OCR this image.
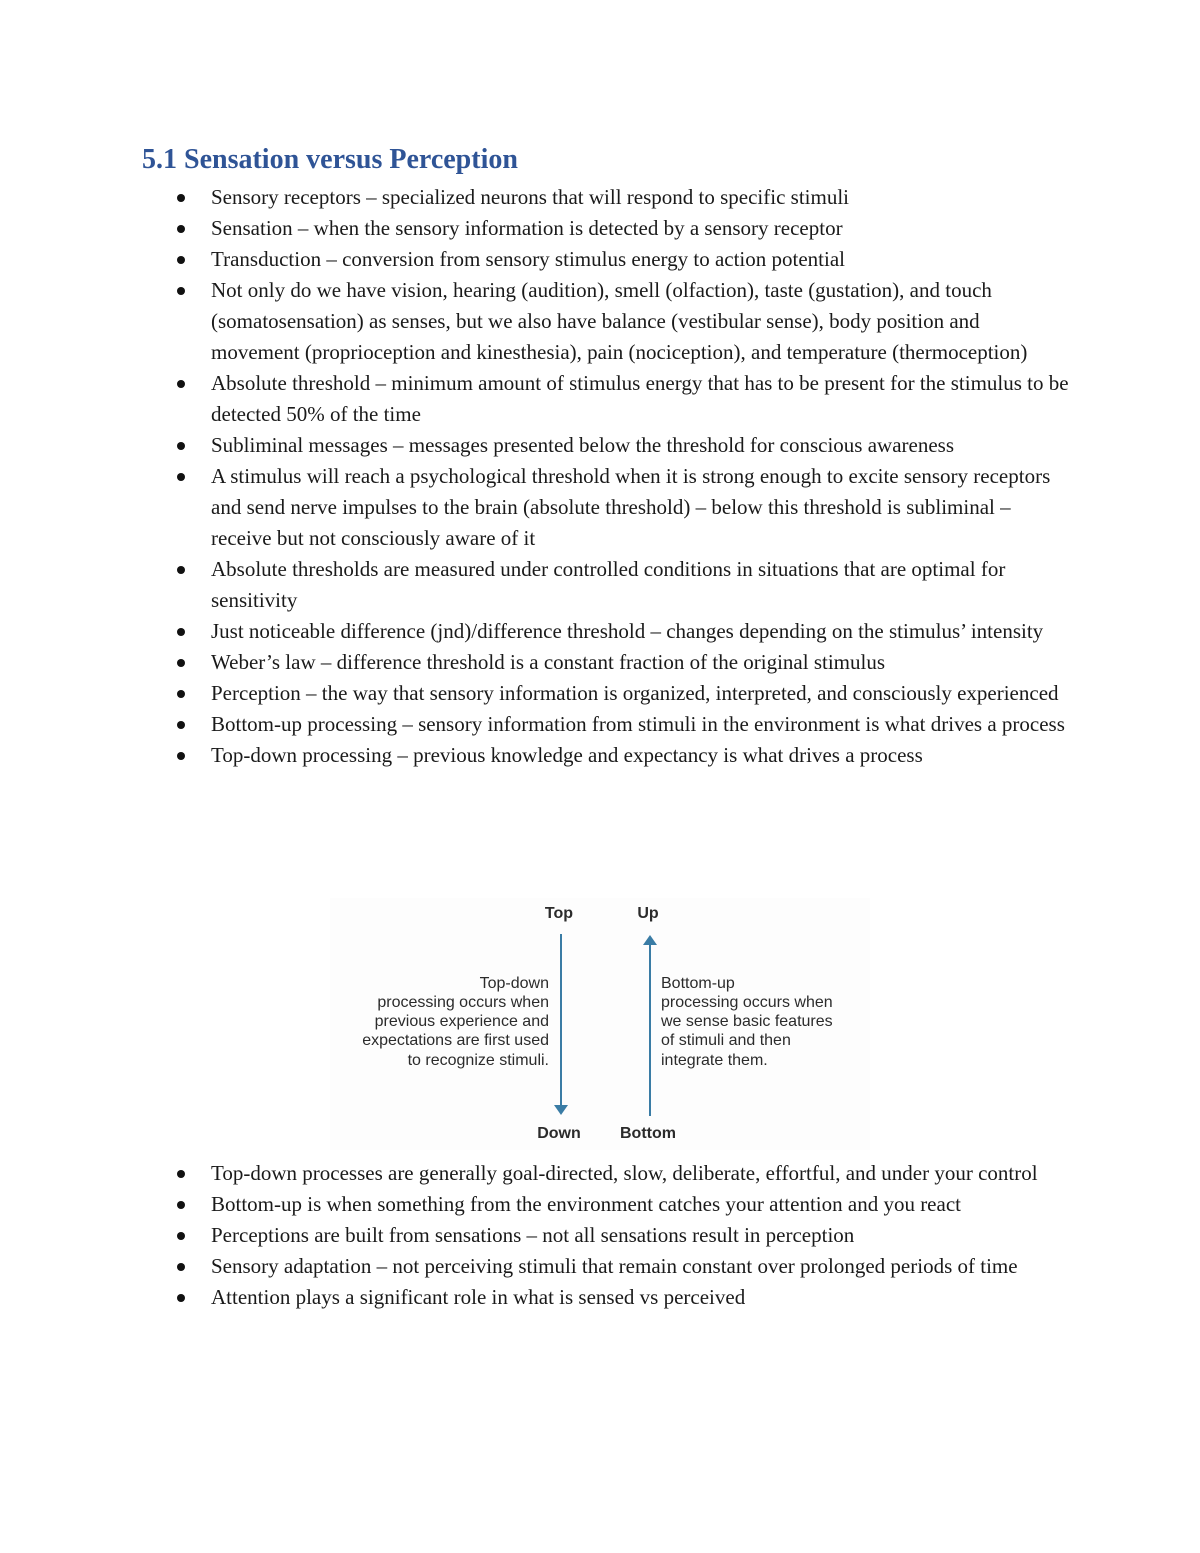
5.1 Sensation versus Perception
Sensory receptors – specialized neurons that will respond to specific stimuli
Sensation – when the sensory information is detected by a sensory receptor
Transduction – conversion from sensory stimulus energy to action potential
Not only do we have vision, hearing (audition), smell (olfaction), taste (gustation), and touch (somatosensation) as senses, but we also have balance (vestibular sense), body position and movement (proprioception and kinesthesia), pain (nociception), and temperature (thermoception)
Absolute threshold – minimum amount of stimulus energy that has to be present for the stimulus to be detected 50% of the time
Subliminal messages – messages presented below the threshold for conscious awareness
A stimulus will reach a psychological threshold when it is strong enough to excite sensory receptors and send nerve impulses to the brain (absolute threshold) – below this threshold is subliminal – receive but not consciously aware of it
Absolute thresholds are measured under controlled conditions in situations that are optimal for sensitivity
Just noticeable difference (jnd)/difference threshold – changes depending on the stimulus’ intensity
Weber’s law – difference threshold is a constant fraction of the original stimulus
Perception – the way that sensory information is organized, interpreted, and consciously experienced
Bottom-up processing – sensory information from stimuli in the environment is what drives a process
Top-down processing – previous knowledge and expectancy is what drives a process
Top	Up
Top-down
processing occurs when
previous experience and
expectations are first used
to recognize stimuli.
Bottom-up
processing occurs when
we sense basic features
of stimuli and then
integrate them.
Down Bottom
Top-down processes are generally goal-directed, slow, deliberate, effortful, and under your control
Bottom-up is when something from the environment catches your attention and you react
Perceptions are built from sensations – not all sensations result in perception
Sensory adaptation – not perceiving stimuli that remain constant over prolonged periods of time
Attention plays a significant role in what is sensed vs perceived
